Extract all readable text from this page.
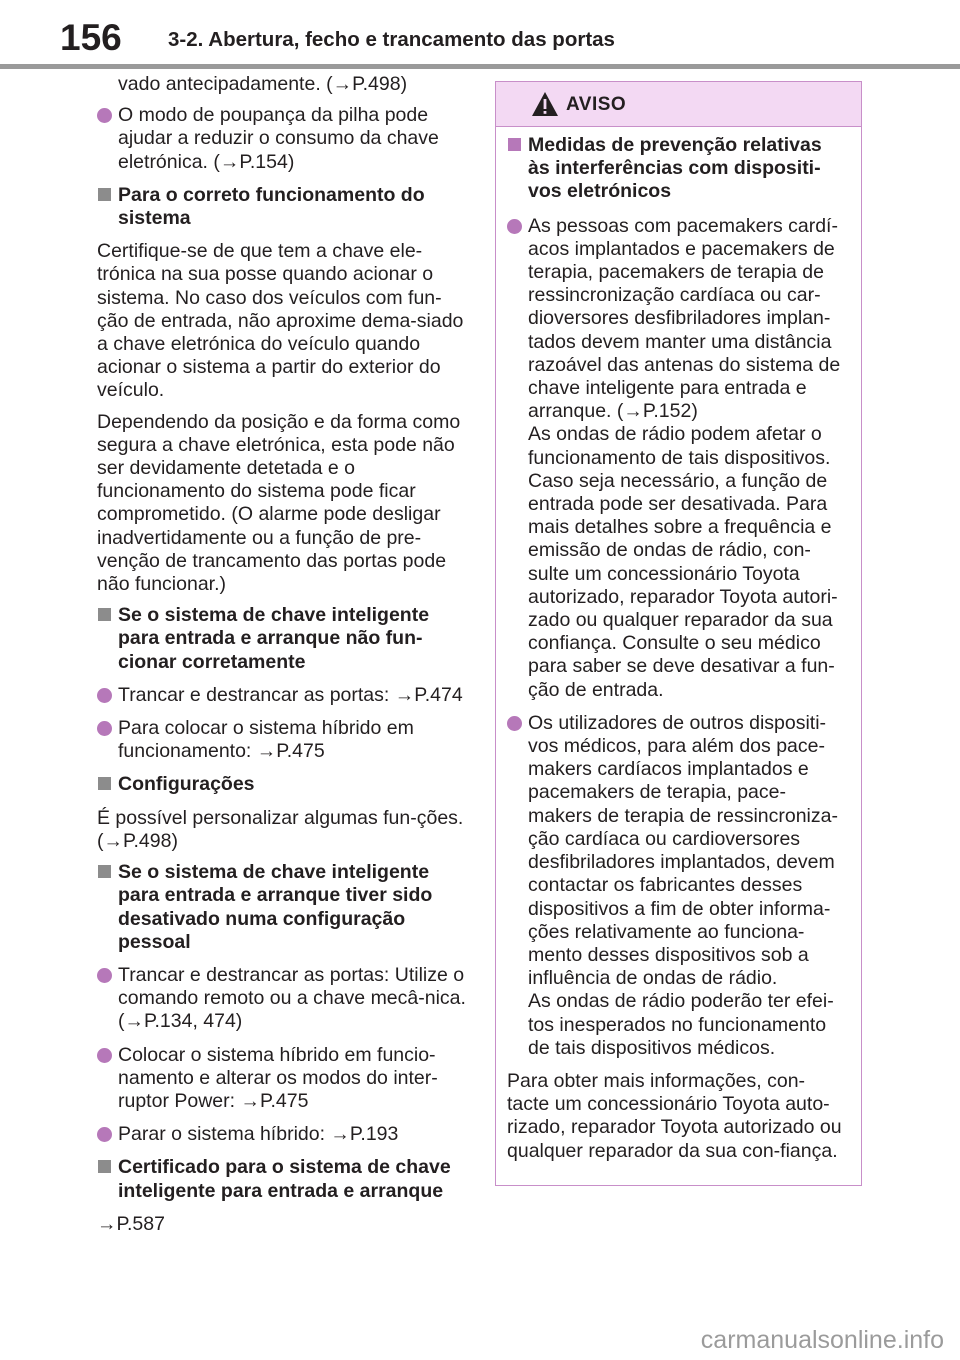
156 3-2. Abertura, fecho e trancamento das portas

vado antecipadamente. (→P.498)

O modo de poupança da pilha pode ajudar a reduzir o consumo da chave eletrónica. (→P.154)
Para o correto funcionamento do sistema

Certifique-se de que tem a chave ele-trónica na sua posse quando acionar o sistema. No caso dos veículos com fun-ção de entrada, não aproxime dema-siado a chave eletrónica do veículo quando acionar o sistema a partir do exterior do veículo.

Dependendo da posição e da forma como segura a chave eletrónica, esta pode não ser devidamente detetada e o funcionamento do sistema pode ficar comprometido. (O alarme pode desligar inadvertidamente ou a função de pre-venção de trancamento das portas pode não funcionar.)

Se o sistema de chave inteligente para entrada e arranque não fun-cionar corretamente
Trancar e destrancar as portas: →P.474
Para colocar o sistema híbrido em funcionamento: →P.475
Configurações

É possível personalizar algumas fun-ções. (→P.498)

Se o sistema de chave inteligente para entrada e arranque tiver sido desativado numa configuração pessoal
Trancar e destrancar as portas: Utilize o comando remoto ou a chave mecâ-nica. (→P.134, 474)
Colocar o sistema híbrido em funcio-namento e alterar os modos do inter-ruptor Power: →P.475
Parar o sistema híbrido: →P.193
Certificado para o sistema de chave inteligente para entrada e arranque

→P.587

AVISO
Medidas de prevenção relativas às interferências com dispositi-vos eletrónicos
As pessoas com pacemakers cardí-acos implantados e pacemakers de terapia, pacemakers de terapia de ressincronização cardíaca ou car-dioversores desfibriladores implan-tados devem manter uma distância razoável das antenas do sistema de chave inteligente para entrada e arranque. (→P.152)
As ondas de rádio podem afetar o funcionamento de tais dispositivos. Caso seja necessário, a função de entrada pode ser desativada. Para mais detalhes sobre a frequência e emissão de ondas de rádio, con-sulte um concessionário Toyota autorizado, reparador Toyota autori-zado ou qualquer reparador da sua confiança. Consulte o seu médico para saber se deve desativar a fun-ção de entrada.
Os utilizadores de outros dispositi-vos médicos, para além dos pace-makers cardíacos implantados e pacemakers de terapia, pace-makers de terapia de ressincroniza-ção cardíaca ou cardioversores desfibriladores implantados, devem contactar os fabricantes desses dispositivos a fim de obter informa-ções relativamente ao funciona-mento desses dispositivos sob a influência de ondas de rádio.
As ondas de rádio poderão ter efei-tos inesperados no funcionamento de tais dispositivos médicos.

Para obter mais informações, con-tacte um concessionário Toyota auto-rizado, reparador Toyota autorizado ou qualquer reparador da sua con-fiança.

carmanualsonline.info
